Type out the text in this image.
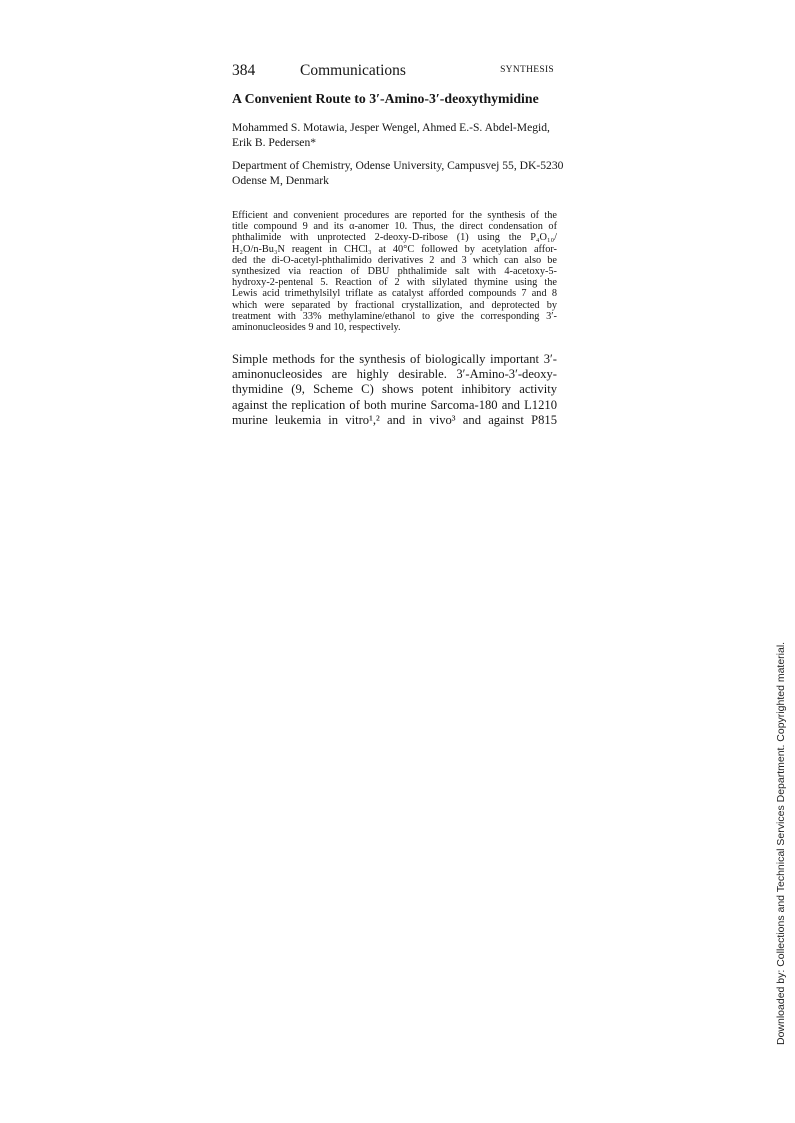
384	Communications	SYNTHESIS
A Convenient Route to 3′-Amino-3′-deoxythymidine
Mohammed S. Motawia, Jesper Wengel, Ahmed E.-S. Abdel-Megid,
Erik B. Pedersen*
Department of Chemistry, Odense University, Campusvej 55, DK-5230
Odense M, Denmark
Efficient and convenient procedures are reported for the synthesis of the
title compound 9 and its α-anomer 10. Thus, the direct condensation of
phthalimide with unprotected 2-deoxy-D-ribose (1) using the P₄O₁₀/
H₂O/n-Bu₃N reagent in CHCl₃ at 40°C followed by acetylation affor-
ded the di-O-acetyl-phthalimido derivatives 2 and 3 which can also be
synthesized via reaction of DBU phthalimide salt with 4-acetoxy-5-
hydroxy-2-pentenal 5. Reaction of 2 with silylated thymine using the
Lewis acid trimethylsilyl triflate as catalyst afforded compounds 7 and 8
which were separated by fractional crystallization, and deprotected by
treatment with 33% methylamine/ethanol to give the corresponding 3′-
aminonucleosides 9 and 10, respectively.
Simple methods for the synthesis of biologically important 3′-
aminonucleosides are highly desirable. 3′-Amino-3′-deoxy-
thymidine (9, Scheme C) shows potent inhibitory activity
against the replication of both murine Sarcoma-180 and L1210
murine leukemia in vitro¹,² and in vivo³ and against P815
Downloaded by: Collections and Technical Services Department. Copyrighted material.
